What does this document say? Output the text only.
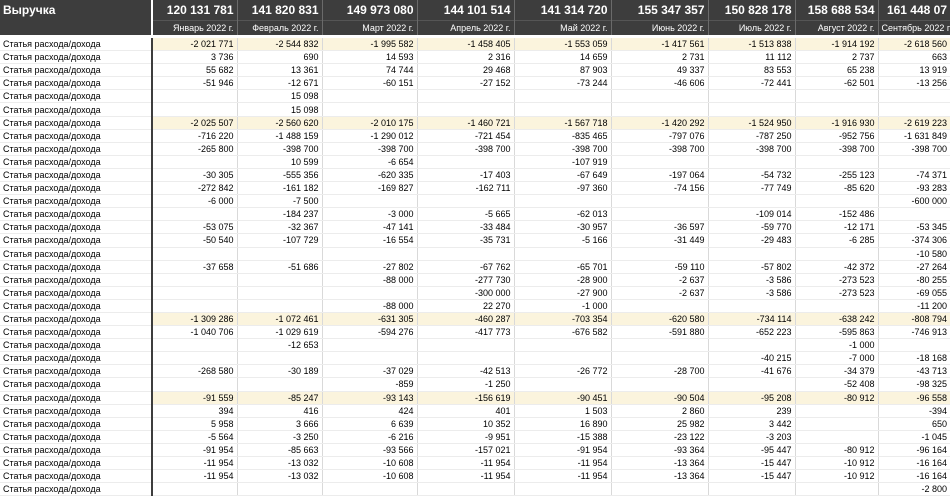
Выручка	120 131 781	141 820 831	149 973 080	144 101 514	141 314 720	155 347 357	150 828 178	158 688 534	161 448 07
	Январь 2022 г.	Февраль 2022 г.	Март 2022 г.	Апрель 2022 г.	Май 2022 г.	Июнь 2022 г.	Июль 2022 г.	Август 2022 г.	Сентябрь 2022 г

Статья расхода/дохода	-2 021 771	-2 544 832	-1 995 582	-1 458 405	-1 553 059	-1 417 561	-1 513 838	-1 914 192	-2 618 560
Статья расхода/дохода	3 736	690	14 593	2 316	14 659	2 731	11 112	2 737	663
Статья расхода/дохода	55 682	13 361	74 744	29 468	87 903	49 337	83 553	65 238	13 919
Статья расхода/дохода	-51 946	-12 671	-60 151	-27 152	-73 244	-46 606	-72 441	-62 501	-13 256
Статья расхода/дохода		15 098							
Статья расхода/дохода		15 098							
Статья расхода/дохода	-2 025 507	-2 560 620	-2 010 175	-1 460 721	-1 567 718	-1 420 292	-1 524 950	-1 916 930	-2 619 223
Статья расхода/дохода	-716 220	-1 488 159	-1 290 012	-721 454	-835 465	-797 076	-787 250	-952 756	-1 631 849
Статья расхода/дохода	-265 800	-398 700	-398 700	-398 700	-398 700	-398 700	-398 700	-398 700	-398 700
Статья расхода/дохода		10 599	-6 654		-107 919				
Статья расхода/дохода	-30 305	-555 356	-620 335	-17 403	-67 649	-197 064	-54 732	-255 123	-74 371
Статья расхода/дохода	-272 842	-161 182	-169 827	-162 711	-97 360	-74 156	-77 749	-85 620	-93 283
Статья расхода/дохода	-6 000	-7 500							-600 000
Статья расхода/дохода		-184 237	-3 000	-5 665	-62 013		-109 014	-152 486	
Статья расхода/дохода	-53 075	-32 367	-47 141	-33 484	-30 957	-36 597	-59 770	-12 171	-53 345
Статья расхода/дохода	-50 540	-107 729	-16 554	-35 731	-5 166	-31 449	-29 483	-6 285	-374 306
Статья расхода/дохода									-10 580
Статья расхода/дохода	-37 658	-51 686	-27 802	-67 762	-65 701	-59 110	-57 802	-42 372	-27 264
Статья расхода/дохода			-88 000	-277 730	-28 900	-2 637	-3 586	-273 523	-80 255
Статья расхода/дохода				-300 000	-27 900	-2 637	-3 586	-273 523	-69 055
Статья расхода/дохода			-88 000	22 270	-1 000				-11 200
Статья расхода/дохода	-1 309 286	-1 072 461	-631 305	-460 287	-703 354	-620 580	-734 114	-638 242	-808 794
Статья расхода/дохода	-1 040 706	-1 029 619	-594 276	-417 773	-676 582	-591 880	-652 223	-595 863	-746 913
Статья расхода/дохода		-12 653						-1 000	
Статья расхода/дохода							-40 215	-7 000	-18 168
Статья расхода/дохода	-268 580	-30 189	-37 029	-42 513	-26 772	-28 700	-41 676	-34 379	-43 713
Статья расхода/дохода			-859	-1 250				-52 408	-98 325
Статья расхода/дохода	-91 559	-85 247	-93 143	-156 619	-90 451	-90 504	-95 208	-80 912	-96 558
Статья расхода/дохода	394	416	424	401	1 503	2 860	239		-394
Статья расхода/дохода	5 958	3 666	6 639	10 352	16 890	25 982	3 442		650
Статья расхода/дохода	-5 564	-3 250	-6 216	-9 951	-15 388	-23 122	-3 203		-1 045
Статья расхода/дохода	-91 954	-85 663	-93 566	-157 021	-91 954	-93 364	-95 447	-80 912	-96 164
Статья расхода/дохода	-11 954	-13 032	-10 608	-11 954	-11 954	-13 364	-15 447	-10 912	-16 164
Статья расхода/дохода	-11 954	-13 032	-10 608	-11 954	-11 954	-13 364	-15 447	-10 912	-16 164
Статья расхода/дохода									-2 800
